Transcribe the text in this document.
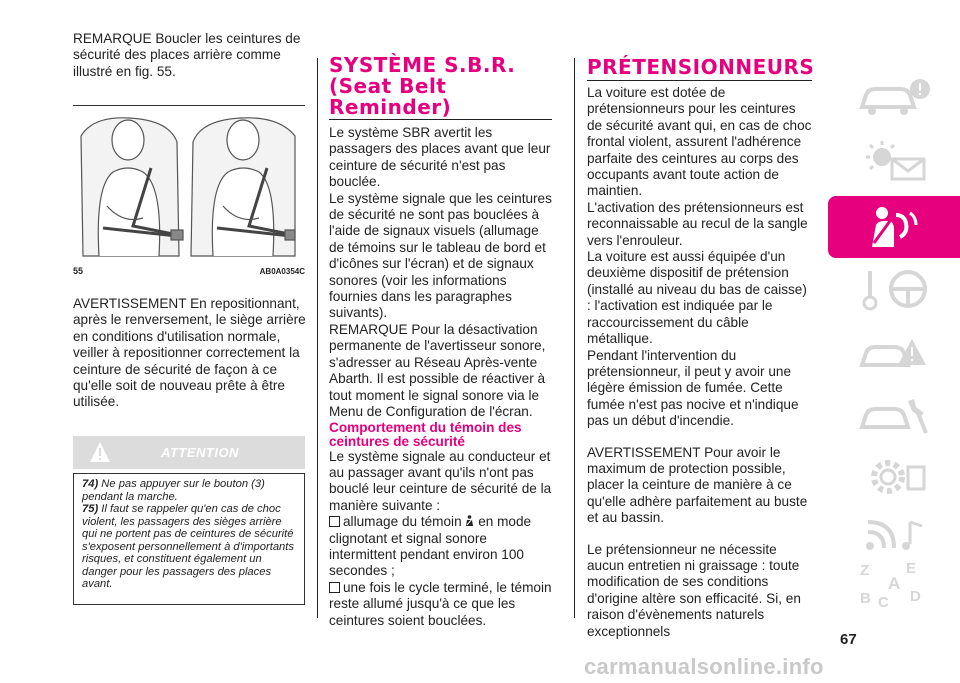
REMARQUE Boucler les ceintures de sécurité des places arrière comme illustré en fig. 55.

55	AB0A0354C

AVERTISSEMENT En repositionnant, après le renversement, le siège arrière en conditions d'utilisation normale, veiller à repositionner correctement la ceinture de sécurité de façon à ce qu'elle soit de nouveau prête à être utilisée.

ATTENTION

74) Ne pas appuyer sur le bouton (3) pendant la marche.

75) Il faut se rappeler qu'en cas de choc violent, les passagers des sièges arrière qui ne portent pas de ceintures de sécurité s'exposent personnellement à d'importants risques, et constituent également un danger pour les passagers des places avant.

SYSTÈME S.B.R.

(Seat Belt

Reminder)

Le système SBR avertit les passagers des places avant que leur ceinture de sécurité n'est pas bouclée.

Le système signale que les ceintures de sécurité ne sont pas bouclées à l'aide de signaux visuels (allumage de témoins sur le tableau de bord et d'icônes sur l'écran) et de signaux sonores (voir les informations fournies dans les paragraphes suivants).

REMARQUE Pour la désactivation permanente de l'avertisseur sonore, s'adresser au Réseau Après-vente Abarth. Il est possible de réactiver à tout moment le signal sonore via le Menu de Configuration de l'écran.

Comportement du témoin des

ceintures de sécurité

Le système signale au conducteur et au passager avant qu'ils n'ont pas bouclé leur ceinture de sécurité de la manière suivante :

allumage du témoin en mode clignotant et signal sonore intermittent pendant environ 100 secondes ;

une fois le cycle terminé, le témoin reste allumé jusqu'à ce que les ceintures soient bouclées.

PRÉTENSIONNEURS

La voiture est dotée de prétensionneurs pour les ceintures de sécurité avant qui, en cas de choc frontal violent, assurent l'adhérence parfaite des ceintures au corps des occupants avant toute action de maintien.

L'activation des prétensionneurs est reconnaissable au recul de la sangle vers l'enrouleur.

La voiture est aussi équipée d'un deuxième dispositif de prétension (installé au niveau du bas de caisse) : l'activation est indiquée par le raccourcissement du câble métallique.

Pendant l'intervention du prétensionneur, il peut y avoir une légère émission de fumée. Cette fumée n'est pas nocive et n'indique pas un début d'incendie.

AVERTISSEMENT Pour avoir le maximum de protection possible, placer la ceinture de manière à ce qu'elle adhère parfaitement au buste et au bassin.

Le prétensionneur ne nécessite aucun entretien ni graissage : toute modification de ses conditions d'origine altère son efficacité. Si, en raison d'évènements naturels exceptionnels

Z E
A
B C D
67
carmanualsonline.info
